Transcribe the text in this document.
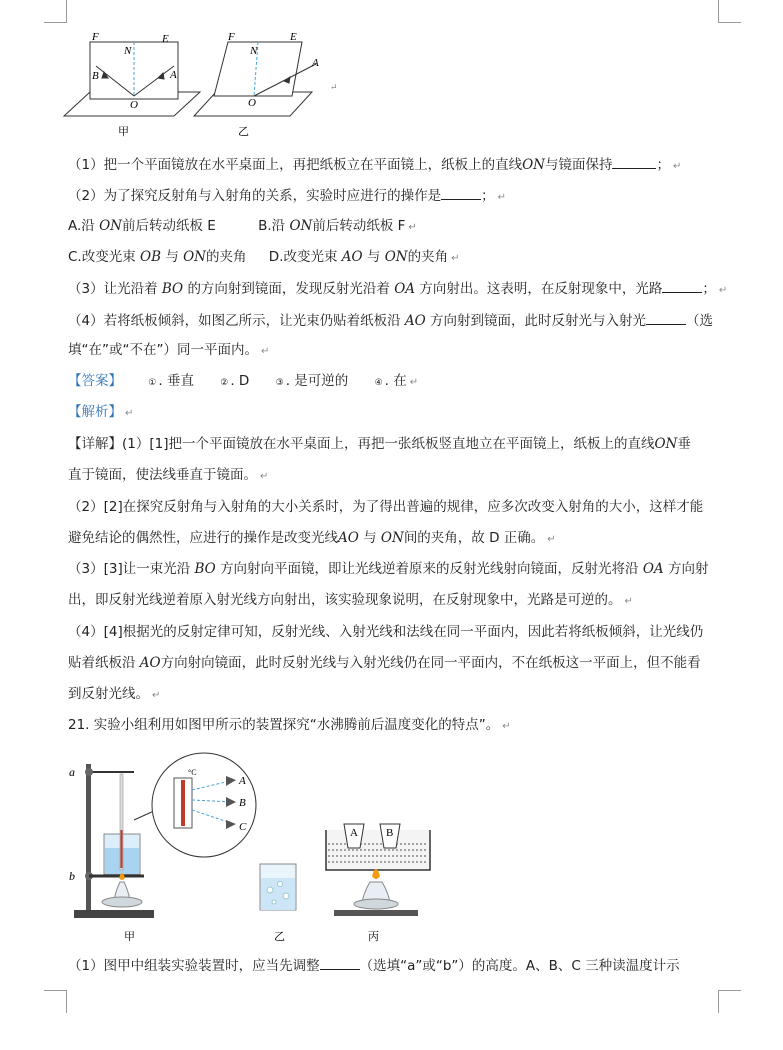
F
N
E
B	A
O
甲
F
N
E
A
O
乙
↵
（1）把一个平面镜放在水平桌面上，再把纸板立在平面镜上，纸板上的直线ON与镜面保持	； ↵
（2）为了探究反射角与入射角的关系，实验时应进行的操作是	； ↵
A.沿 ON前后转动纸板 E	B.沿 ON前后转动纸板 F ↵
C.改变光束 OB 与 ON的夹角 D.改变光束 AO 与 ON的夹角 ↵
（3）让光沿着 BO 的方向射到镜面，发现反射光沿着 OA 方向射出。这表明，在反射现象中，光路	； ↵
（4）若将纸板倾斜，如图乙所示，让光束仍贴着纸板沿 AO 方向射到镜面，此时反射光与入射光	（选
填“在”或“不在”）同一平面内。 ↵
【答案】	① . 垂直	② . D	③ . 是可逆的	④ . 在 ↵
【解析】 ↵
【详解】(1）[1]把一个平面镜放在水平桌面上，再把一张纸板竖直地立在平面镜上，纸板上的直线ON垂
直于镜面，使法线垂直于镜面。 ↵
（2）[2]在探究反射角与入射角的大小关系时，为了得出普遍的规律，应多次改变入射角的大小，这样才能
避免结论的偶然性，应进行的操作是改变光线AO 与 ON间的夹角，故 D 正确。 ↵
（3）[3]让一束光沿 BO 方向射向平面镜，即让光线逆着原来的反射光线射向镜面，反射光将沿 OA 方向射
出，即反射光线逆着原入射光线方向射出，该实验现象说明，在反射现象中，光路是可逆的。 ↵
（4）[4]根据光的反射定律可知，反射光线、入射光线和法线在同一平面内，因此若将纸板倾斜，让光线仍
贴着纸板沿 AO方向射向镜面，此时反射光线与入射光线仍在同一平面内，不在纸板这一平面上，但不能看
到反射光线。 ↵
21. 实验小组利用如图甲所示的装置探究“水沸腾前后温度变化的特点”。 ↵
a
b
甲
°C
A
B
C
乙
A	B
丙
（1）图甲中组装实验装置时，应当先调整	（选填“a”或“b”）的高度。A、B、C 三种读温度计示
